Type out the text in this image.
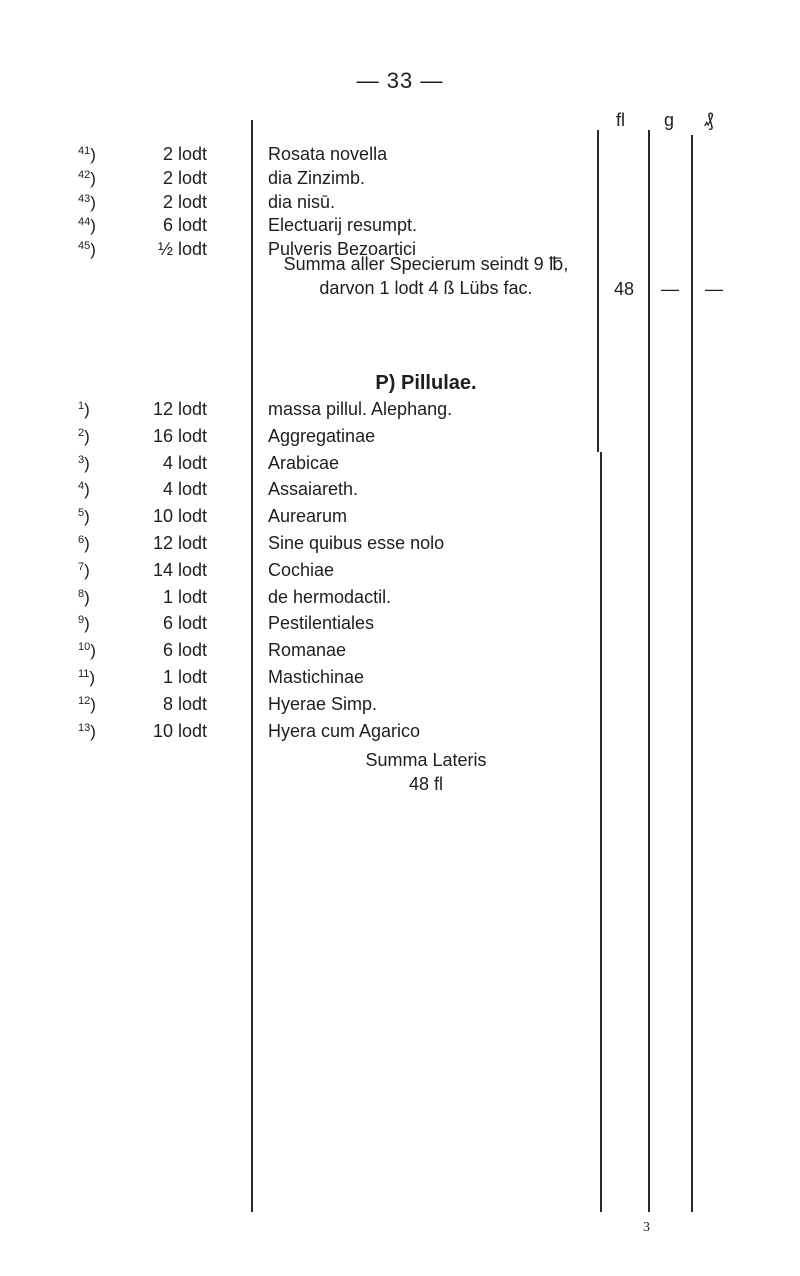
— 33 —
fl g ₰
$^{41}$)	2 lodt	Rosata novella
$^{42}$)	2 lodt	dia Zinzimb.
$^{43}$)	2 lodt	dia nisū.
$^{44}$)	6 lodt	Electuarij resumpt.
$^{45}$)	½ lodt	Pulveris Bezoartici
Summa aller Specierum seindt 9 ℔,
darvon 1 lodt 4 ß Lübs fac.	48	—	—
P) Pillulae.
$^1$)	12 lodt	massa pillul. Alephang.
$^2$)	16 lodt	Aggregatinae
$^3$)	4 lodt	Arabicae
$^4$)	4 lodt	Assaiareth.
$^5$)	10 lodt	Aurearum
$^6$)	12 lodt	Sine quibus esse nolo
$^7$)	14 lodt	Cochiae
$^8$)	1 lodt	de hermodactil.
$^9$)	6 lodt	Pestilentiales
$^{10}$)	6 lodt	Romanae
$^{11}$)	1 lodt	Mastichinae
$^{12}$)	8 lodt	Hyerae Simp.
$^{13}$)	10 lodt	Hyera cum Agarico
Summa Lateris
48 fl
3
